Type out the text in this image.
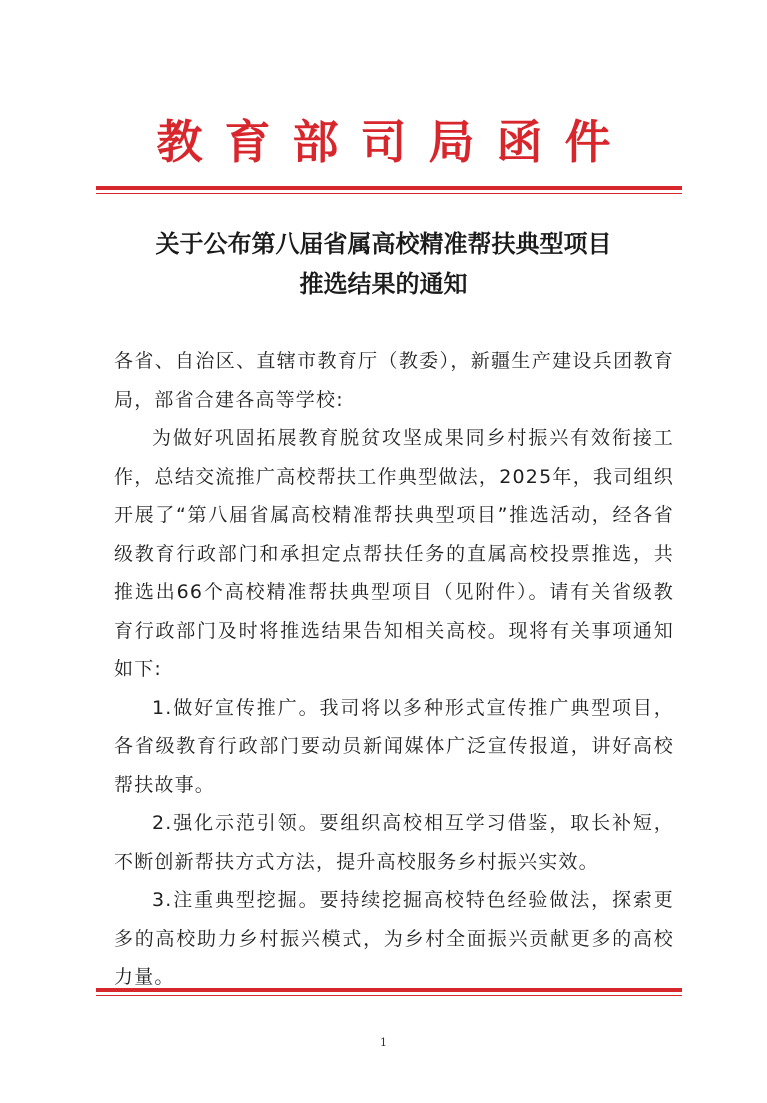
教育部司局函件
关于公布第八届省属高校精准帮扶典型项目
推选结果的通知

各省、自治区、直辖市教育厅（教委），新疆生产建设兵团教育局，部省合建各高等学校:

为做好巩固拓展教育脱贫攻坚成果同乡村振兴有效衔接工作，总结交流推广高校帮扶工作典型做法，2025年，我司组织开展了“第八届省属高校精准帮扶典型项目”推选活动，经各省级教育行政部门和承担定点帮扶任务的直属高校投票推选，共推选出66个高校精准帮扶典型项目（见附件）。请有关省级教育行政部门及时将推选结果告知相关高校。现将有关事项通知如下:

1.做好宣传推广。我司将以多种形式宣传推广典型项目，各省级教育行政部门要动员新闻媒体广泛宣传报道，讲好高校帮扶故事。

2.强化示范引领。要组织高校相互学习借鉴，取长补短，不断创新帮扶方式方法，提升高校服务乡村振兴实效。

3.注重典型挖掘。要持续挖掘高校特色经验做法，探索更多的高校助力乡村振兴模式，为乡村全面振兴贡献更多的高校力量。

1
